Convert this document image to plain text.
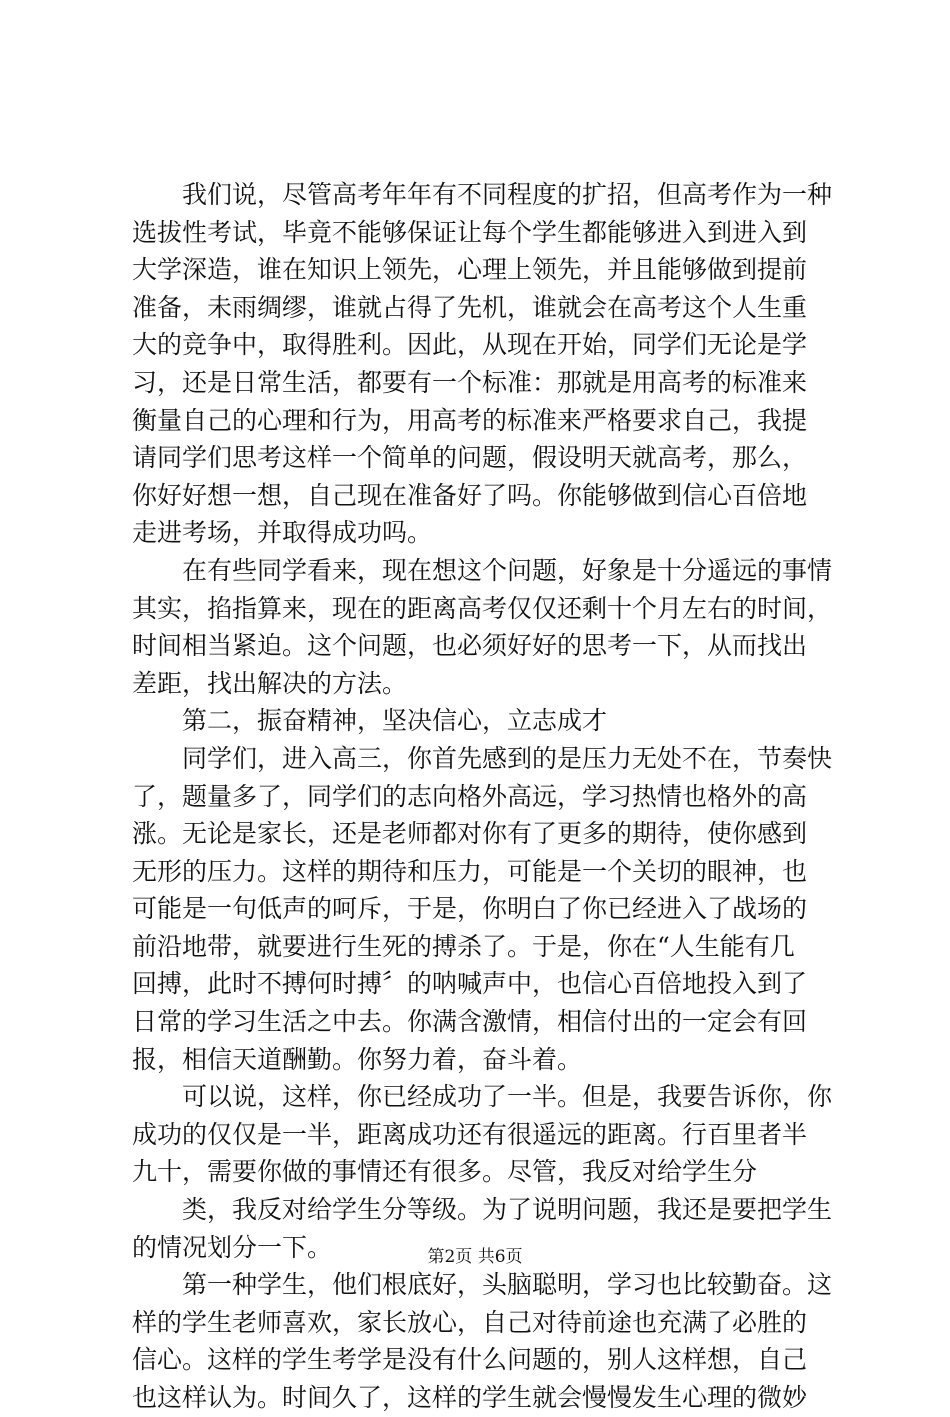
我们说，尽管高考年年有不同程度的扩招，但高考作为一种
选拔性考试，毕竟不能够保证让每个学生都能够进入到进入到
大学深造，谁在知识上领先，心理上领先，并且能够做到提前
准备，未雨绸缪，谁就占得了先机，谁就会在高考这个人生重
大的竞争中，取得胜利。因此，从现在开始，同学们无论是学
习，还是日常生活，都要有一个标准：那就是用高考的标准来
衡量自己的心理和行为，用高考的标准来严格要求自己，我提
请同学们思考这样一个简单的问题，假设明天就高考，那么，
你好好想一想，自己现在准备好了吗。你能够做到信心百倍地
走进考场，并取得成功吗。
在有些同学看来，现在想这个问题，好象是十分遥远的事情
其实，掐指算来，现在的距离高考仅仅还剩十个月左右的时间，
时间相当紧迫。这个问题，也必须好好的思考一下，从而找出
差距，找出解决的方法。
第二，振奋精神，坚决信心，立志成才
同学们，进入高三，你首先感到的是压力无处不在，节奏快
了，题量多了，同学们的志向格外高远，学习热情也格外的高
涨。无论是家长，还是老师都对你有了更多的期待，使你感到
无形的压力。这样的期待和压力，可能是一个关切的眼神，也
可能是一句低声的呵斥，于是，你明白了你已经进入了战场的
前沿地带，就要进行生死的搏杀了。于是，你在“人生能有几
回搏，此时不搏何时搏〞的呐喊声中，也信心百倍地投入到了
日常的学习生活之中去。你满含激情，相信付出的一定会有回
报，相信天道酬勤。你努力着，奋斗着。
可以说，这样，你已经成功了一半。但是，我要告诉你，你
成功的仅仅是一半，距离成功还有很遥远的距离。行百里者半
九十，需要你做的事情还有很多。尽管，我反对给学生分
类，我反对给学生分等级。为了说明问题，我还是要把学生
的情况划分一下。
第一种学生，他们根底好，头脑聪明，学习也比较勤奋。这
样的学生老师喜欢，家长放心，自己对待前途也充满了必胜的
信心。这样的学生考学是没有什么问题的，别人这样想，自己
也这样认为。时间久了，这样的学生就会慢慢发生心理的微妙
第2页 共6页
